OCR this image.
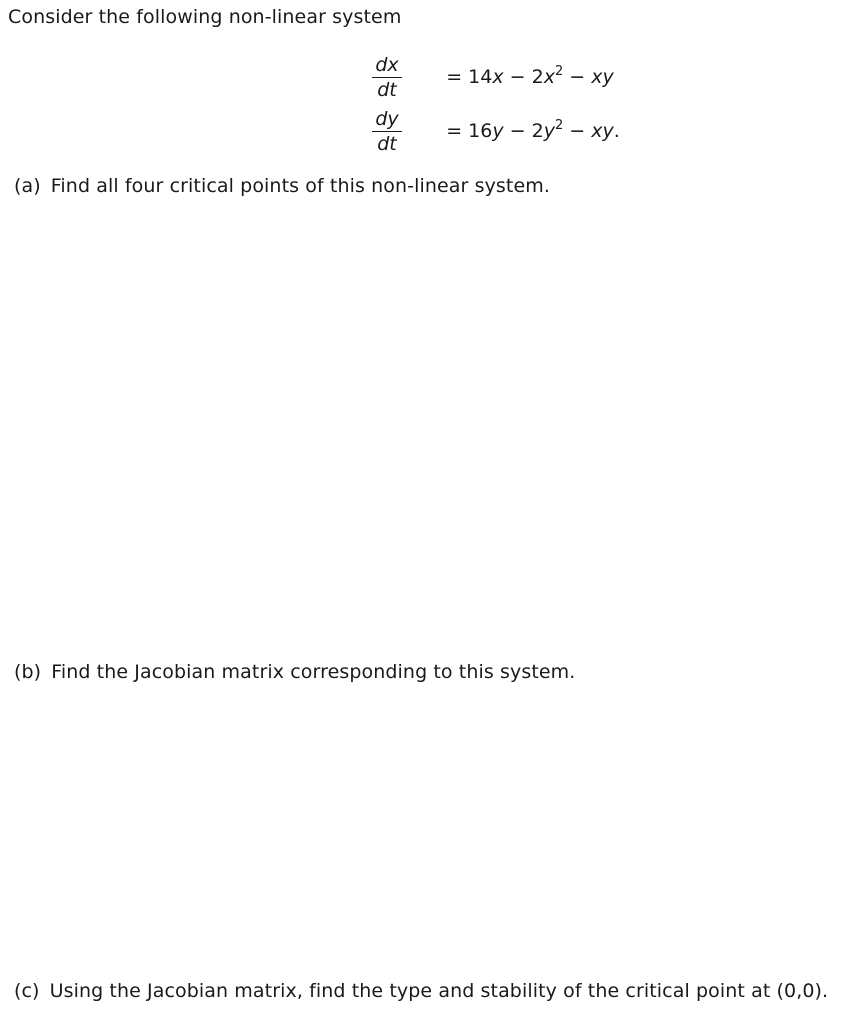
Consider the following non-linear system
$\frac{dx}{dt}$	= $14x - 2x^2$ − xy

$\frac{dy}{dt}$	= $16y - 2y^2$ − xy.

(a) Find all four critical points of this non-linear system.
(b) Find the Jacobian matrix corresponding to this system.
(c) Using the Jacobian matrix, find the type and stability of the critical point at (0,0).
